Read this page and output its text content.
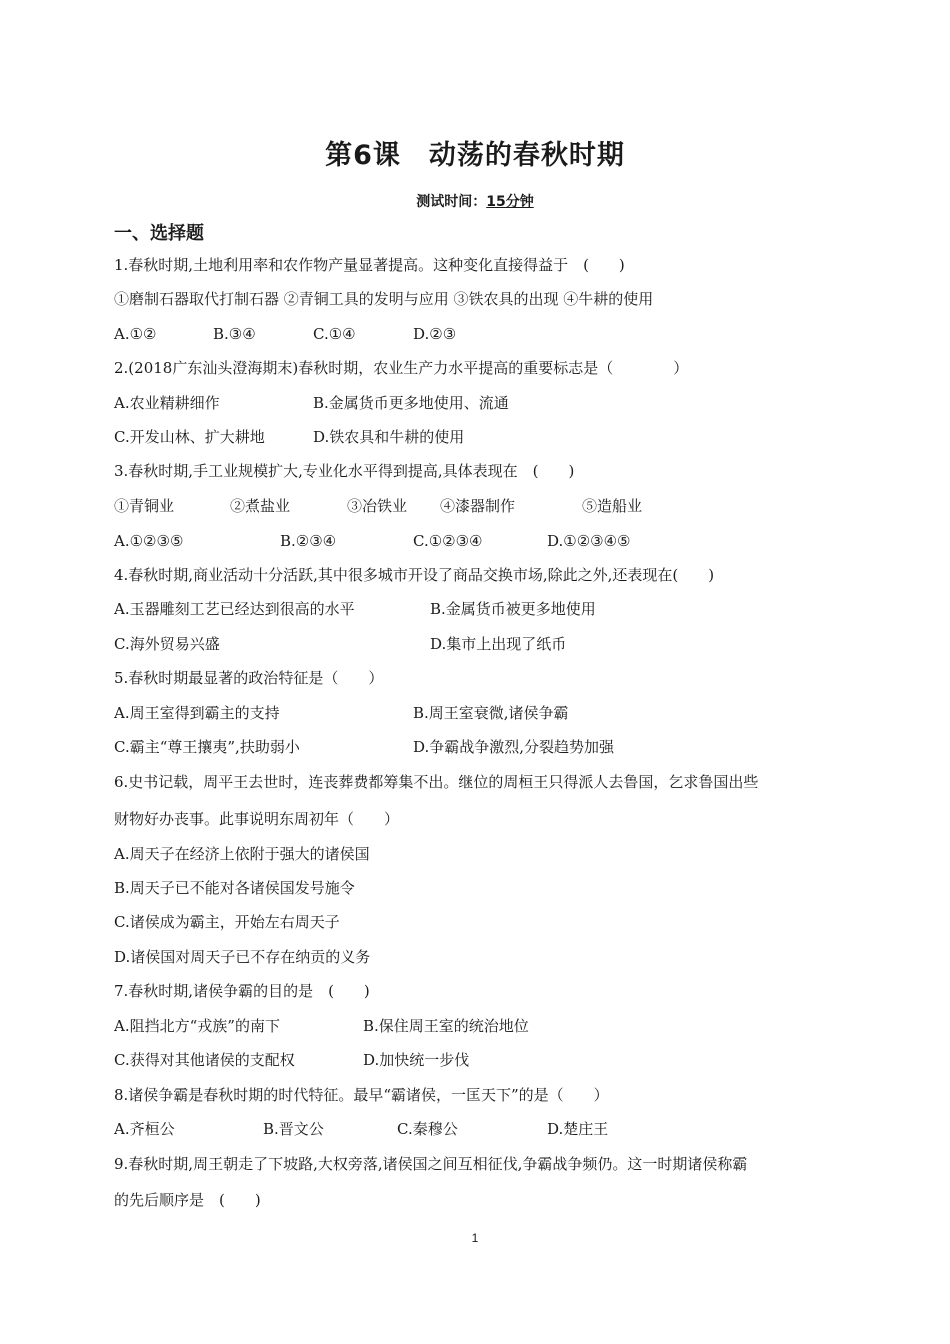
第6课　动荡的春秋时期
测试时间：15分钟
一、选择题
1.春秋时期,土地利用率和农作物产量显著提高。这种变化直接得益于　(　　)
①磨制石器取代打制石器 ②青铜工具的发明与应用 ③铁农具的出现 ④牛耕的使用
A.①②	B.③④	C.①④	D.②③
2.(2018广东汕头澄海期末)春秋时期，农业生产力水平提高的重要标志是（　　　　）
A.农业精耕细作	B.金属货币更多地使用、流通
C.开发山林、扩大耕地	D.铁农具和牛耕的使用
3.春秋时期,手工业规模扩大,专业化水平得到提高,具体表现在　(　　)
①青铜业	②煮盐业	③冶铁业 ④漆器制作	⑤造船业
A.①②③⑤	B.②③④	C.①②③④	D.①②③④⑤
4.春秋时期,商业活动十分活跃,其中很多城市开设了商品交换市场,除此之外,还表现在(　　)
A.玉器雕刻工艺已经达到很高的水平	B.金属货币被更多地使用
C.海外贸易兴盛	D.集市上出现了纸币
5.春秋时期最显著的政治特征是（　　）
A.周王室得到霸主的支持	B.周王室衰微,诸侯争霸
C.霸主“尊王攘夷”,扶助弱小	D.争霸战争激烈,分裂趋势加强
6.史书记载，周平王去世时，连丧葬费都筹集不出。继位的周桓王只得派人去鲁国，乞求鲁国出些
财物好办丧事。此事说明东周初年（　　）
A.周天子在经济上依附于强大的诸侯国
B.周天子已不能对各诸侯国发号施令
C.诸侯成为霸主，开始左右周天子
D.诸侯国对周天子已不存在纳贡的义务
7.春秋时期,诸侯争霸的目的是　(　　)
A.阻挡北方“戎族”的南下	B.保住周王室的统治地位
C.获得对其他诸侯的支配权	D.加快统一步伐
8.诸侯争霸是春秋时期的时代特征。最早“霸诸侯，一匡天下”的是（　　）
A.齐桓公	B.晋文公	C.秦穆公	D.楚庄王
9.春秋时期,周王朝走了下坡路,大权旁落,诸侯国之间互相征伐,争霸战争频仍。这一时期诸侯称霸
的先后顺序是　(　　)
1
